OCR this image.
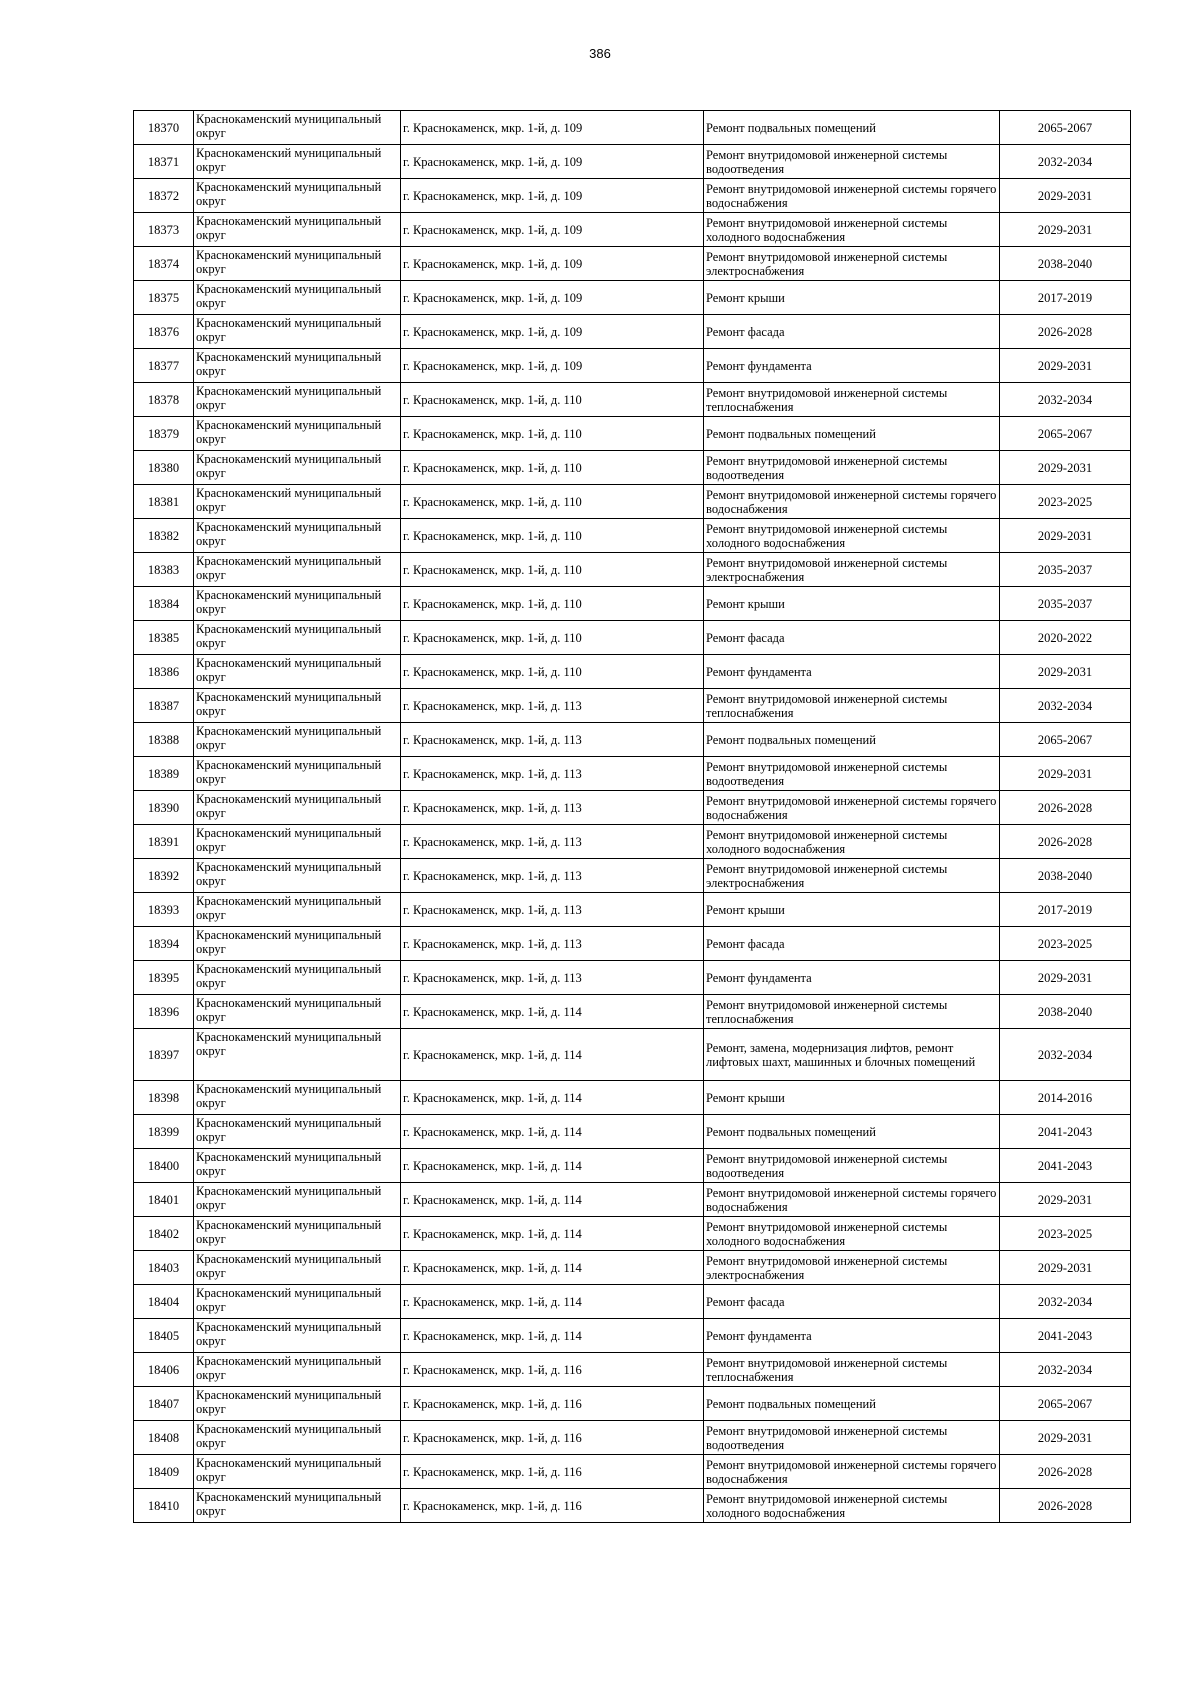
386
18370	Краснокаменский муниципальный округ	г. Краснокаменск, мкр. 1-й, д. 109	Ремонт подвальных помещений	2065-2067
18371	Краснокаменский муниципальный округ	г. Краснокаменск, мкр. 1-й, д. 109	Ремонт внутридомовой инженерной системы водоотведения	2032-2034
18372	Краснокаменский муниципальный округ	г. Краснокаменск, мкр. 1-й, д. 109	Ремонт внутридомовой инженерной системы горячего водоснабжения	2029-2031
18373	Краснокаменский муниципальный округ	г. Краснокаменск, мкр. 1-й, д. 109	Ремонт внутридомовой инженерной системы холодного водоснабжения	2029-2031
18374	Краснокаменский муниципальный округ	г. Краснокаменск, мкр. 1-й, д. 109	Ремонт внутридомовой инженерной системы электроснабжения	2038-2040
18375	Краснокаменский муниципальный округ	г. Краснокаменск, мкр. 1-й, д. 109	Ремонт крыши	2017-2019
18376	Краснокаменский муниципальный округ	г. Краснокаменск, мкр. 1-й, д. 109	Ремонт фасада	2026-2028
18377	Краснокаменский муниципальный округ	г. Краснокаменск, мкр. 1-й, д. 109	Ремонт фундамента	2029-2031
18378	Краснокаменский муниципальный округ	г. Краснокаменск, мкр. 1-й, д. 110	Ремонт внутридомовой инженерной системы теплоснабжения	2032-2034
18379	Краснокаменский муниципальный округ	г. Краснокаменск, мкр. 1-й, д. 110	Ремонт подвальных помещений	2065-2067
18380	Краснокаменский муниципальный округ	г. Краснокаменск, мкр. 1-й, д. 110	Ремонт внутридомовой инженерной системы водоотведения	2029-2031
18381	Краснокаменский муниципальный округ	г. Краснокаменск, мкр. 1-й, д. 110	Ремонт внутридомовой инженерной системы горячего водоснабжения	2023-2025
18382	Краснокаменский муниципальный округ	г. Краснокаменск, мкр. 1-й, д. 110	Ремонт внутридомовой инженерной системы холодного водоснабжения	2029-2031
18383	Краснокаменский муниципальный округ	г. Краснокаменск, мкр. 1-й, д. 110	Ремонт внутридомовой инженерной системы электроснабжения	2035-2037
18384	Краснокаменский муниципальный округ	г. Краснокаменск, мкр. 1-й, д. 110	Ремонт крыши	2035-2037
18385	Краснокаменский муниципальный округ	г. Краснокаменск, мкр. 1-й, д. 110	Ремонт фасада	2020-2022
18386	Краснокаменский муниципальный округ	г. Краснокаменск, мкр. 1-й, д. 110	Ремонт фундамента	2029-2031
18387	Краснокаменский муниципальный округ	г. Краснокаменск, мкр. 1-й, д. 113	Ремонт внутридомовой инженерной системы теплоснабжения	2032-2034
18388	Краснокаменский муниципальный округ	г. Краснокаменск, мкр. 1-й, д. 113	Ремонт подвальных помещений	2065-2067
18389	Краснокаменский муниципальный округ	г. Краснокаменск, мкр. 1-й, д. 113	Ремонт внутридомовой инженерной системы водоотведения	2029-2031
18390	Краснокаменский муниципальный округ	г. Краснокаменск, мкр. 1-й, д. 113	Ремонт внутридомовой инженерной системы горячего водоснабжения	2026-2028
18391	Краснокаменский муниципальный округ	г. Краснокаменск, мкр. 1-й, д. 113	Ремонт внутридомовой инженерной системы холодного водоснабжения	2026-2028
18392	Краснокаменский муниципальный округ	г. Краснокаменск, мкр. 1-й, д. 113	Ремонт внутридомовой инженерной системы электроснабжения	2038-2040
18393	Краснокаменский муниципальный округ	г. Краснокаменск, мкр. 1-й, д. 113	Ремонт крыши	2017-2019
18394	Краснокаменский муниципальный округ	г. Краснокаменск, мкр. 1-й, д. 113	Ремонт фасада	2023-2025
18395	Краснокаменский муниципальный округ	г. Краснокаменск, мкр. 1-й, д. 113	Ремонт фундамента	2029-2031
18396	Краснокаменский муниципальный округ	г. Краснокаменск, мкр. 1-й, д. 114	Ремонт внутридомовой инженерной системы теплоснабжения	2038-2040
18397	Краснокаменский муниципальный округ	г. Краснокаменск, мкр. 1-й, д. 114	Ремонт, замена, модернизация лифтов, ремонт лифтовых шахт, машинных и блочных помещений	2032-2034
18398	Краснокаменский муниципальный округ	г. Краснокаменск, мкр. 1-й, д. 114	Ремонт крыши	2014-2016
18399	Краснокаменский муниципальный округ	г. Краснокаменск, мкр. 1-й, д. 114	Ремонт подвальных помещений	2041-2043
18400	Краснокаменский муниципальный округ	г. Краснокаменск, мкр. 1-й, д. 114	Ремонт внутридомовой инженерной системы водоотведения	2041-2043
18401	Краснокаменский муниципальный округ	г. Краснокаменск, мкр. 1-й, д. 114	Ремонт внутридомовой инженерной системы горячего водоснабжения	2029-2031
18402	Краснокаменский муниципальный округ	г. Краснокаменск, мкр. 1-й, д. 114	Ремонт внутридомовой инженерной системы холодного водоснабжения	2023-2025
18403	Краснокаменский муниципальный округ	г. Краснокаменск, мкр. 1-й, д. 114	Ремонт внутридомовой инженерной системы электроснабжения	2029-2031
18404	Краснокаменский муниципальный округ	г. Краснокаменск, мкр. 1-й, д. 114	Ремонт фасада	2032-2034
18405	Краснокаменский муниципальный округ	г. Краснокаменск, мкр. 1-й, д. 114	Ремонт фундамента	2041-2043
18406	Краснокаменский муниципальный округ	г. Краснокаменск, мкр. 1-й, д. 116	Ремонт внутридомовой инженерной системы теплоснабжения	2032-2034
18407	Краснокаменский муниципальный округ	г. Краснокаменск, мкр. 1-й, д. 116	Ремонт подвальных помещений	2065-2067
18408	Краснокаменский муниципальный округ	г. Краснокаменск, мкр. 1-й, д. 116	Ремонт внутридомовой инженерной системы водоотведения	2029-2031
18409	Краснокаменский муниципальный округ	г. Краснокаменск, мкр. 1-й, д. 116	Ремонт внутридомовой инженерной системы горячего водоснабжения	2026-2028
18410	Краснокаменский муниципальный округ	г. Краснокаменск, мкр. 1-й, д. 116	Ремонт внутридомовой инженерной системы холодного водоснабжения	2026-2028
